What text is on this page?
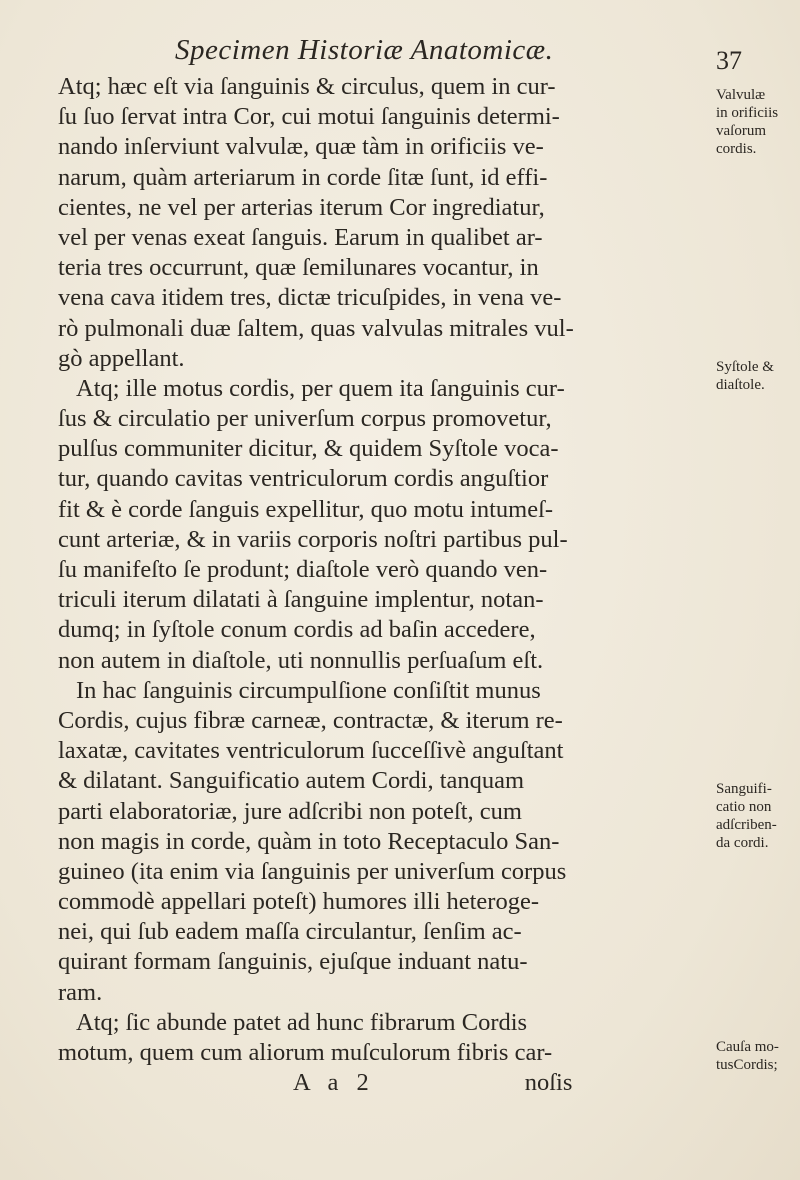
Specimen Historiæ Anatomicæ.	37
Atq; hæc eſt via ſanguinis & circulus, quem in cur-
ſu ſuo ſervat intra Cor, cui motui ſanguinis determi-
nando inſerviunt valvulæ, quæ tàm in orificiis ve-
narum, quàm arteriarum in corde ſitæ ſunt, id effi-
cientes, ne vel per arterias iterum Cor ingrediatur,
vel per venas exeat ſanguis. Earum in qualibet ar-
teria tres occurrunt, quæ ſemilunares vocantur, in
vena cava itidem tres, dictæ tricuſpides, in vena ve-
rò pulmonali duæ ſaltem, quas valvulas mitrales vul-
gò appellant.
Atq; ille motus cordis, per quem ita ſanguinis cur-
ſus & circulatio per univerſum corpus promovetur,
pulſus communiter dicitur, & quidem Syſtole voca-
tur, quando cavitas ventriculorum cordis anguſtior
fit & è corde ſanguis expellitur, quo motu intumeſ-
cunt arteriæ, & in variis corporis noſtri partibus pul-
ſu manifeſto ſe produnt; diaſtole verò quando ven-
triculi iterum dilatati à ſanguine implentur, notan-
dumq; in ſyſtole conum cordis ad baſin accedere,
non autem in diaſtole, uti nonnullis perſuaſum eſt.
In hac ſanguinis circumpulſione conſiſtit munus
Cordis, cujus fibræ carneæ, contractæ, & iterum re-
laxatæ, cavitates ventriculorum ſucceſſivè anguſtant
& dilatant. Sanguificatio autem Cordi, tanquam
parti elaboratoriæ, jure adſcribi non poteſt, cum
non magis in corde, quàm in toto Receptaculo San-
guineo (ita enim via ſanguinis per univerſum corpus
commodè appellari poteſt) humores illi heteroge-
nei, qui ſub eadem maſſa circulantur, ſenſim ac-
quirant formam ſanguinis, ejuſque induant natu-
ram.
Atq; ſic abunde patet ad hunc fibrarum Cordis
motum, quem cum aliorum muſculorum fibris car-
A a 2	noſis
Valvulæ
in orificiis
vaſorum
cordis.
Syſtole &
diaſtole.
Sanguifi-
catio non
adſcriben-
da cordi.
Cauſa mo-
tusCordis;
